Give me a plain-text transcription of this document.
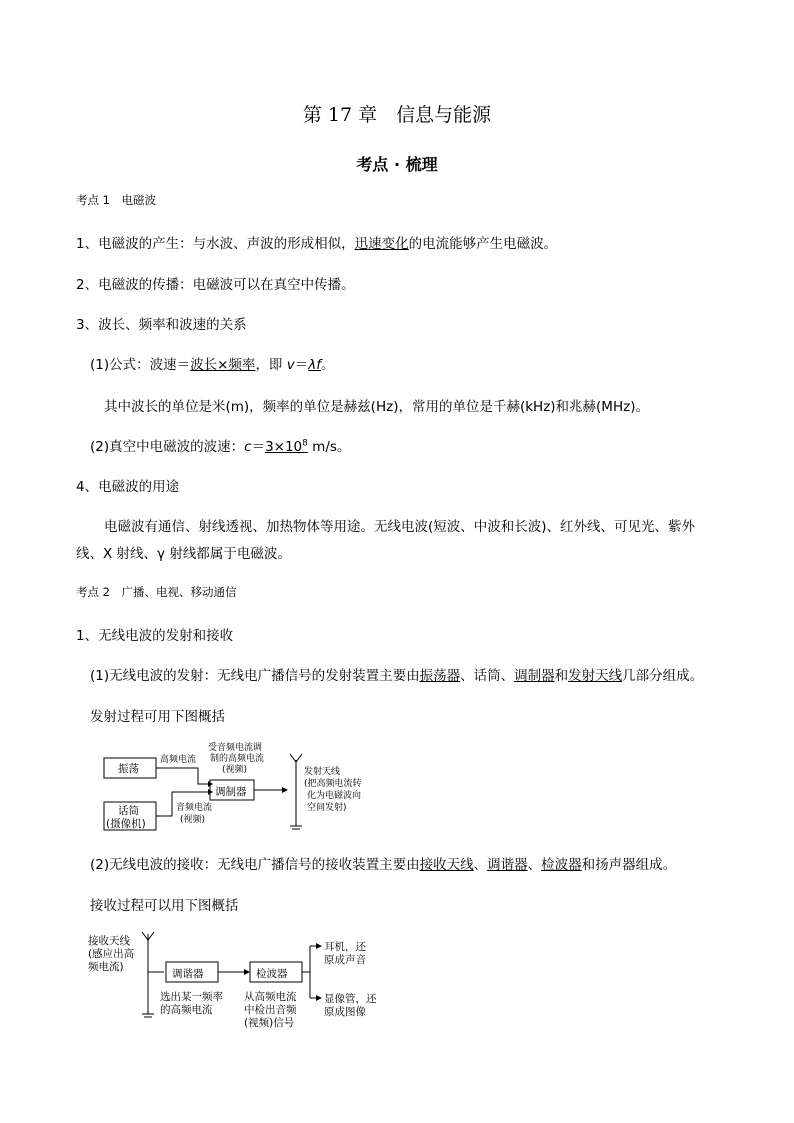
第 17 章　信息与能源
考点 · 梳理
考点 1　电磁波
1、电磁波的产生：与水波、声波的形成相似，迅速变化的电流能够产生电磁波。
2、电磁波的传播：电磁波可以在真空中传播。
3、波长、频率和波速的关系
(1)公式：波速＝波长×频率，即 v＝λf。
其中波长的单位是米(m)，频率的单位是赫兹(Hz)，常用的单位是千赫(kHz)和兆赫(MHz)。
(2)真空中电磁波的波速：$c=3\times 10^8$ m/s。
4、电磁波的用途
电磁波有通信、射线透视、加热物体等用途。无线电波(短波、中波和长波)、红外线、可见光、紫外
线、X 射线、γ 射线都属于电磁波。
考点 2　广播、电视、移动通信
1、无线电波的发射和接收
(1)无线电波的发射：无线电广播信号的发射装置主要由振荡器、话筒、调制器和发射天线几部分组成。
发射过程可用下图概括
振荡
高频电流
受音频电流调
制的高频电流
(视频)
调制器
话筒
(摄像机)
音频电流
(视频)
发射天线
(把高频电流转
化为电磁波向
空间发射)
(2)无线电波的接收：无线电广播信号的接收装置主要由接收天线、调谐器、检波器和扬声器组成。
接收过程可以用下图概括
接收天线
(感应出高
频电流)
调谐器	检波器
选出某一频率
的高频电流
从高频电流
中检出音频
(视频)信号
耳机，还
原成声音
显像管，还
原成图像
